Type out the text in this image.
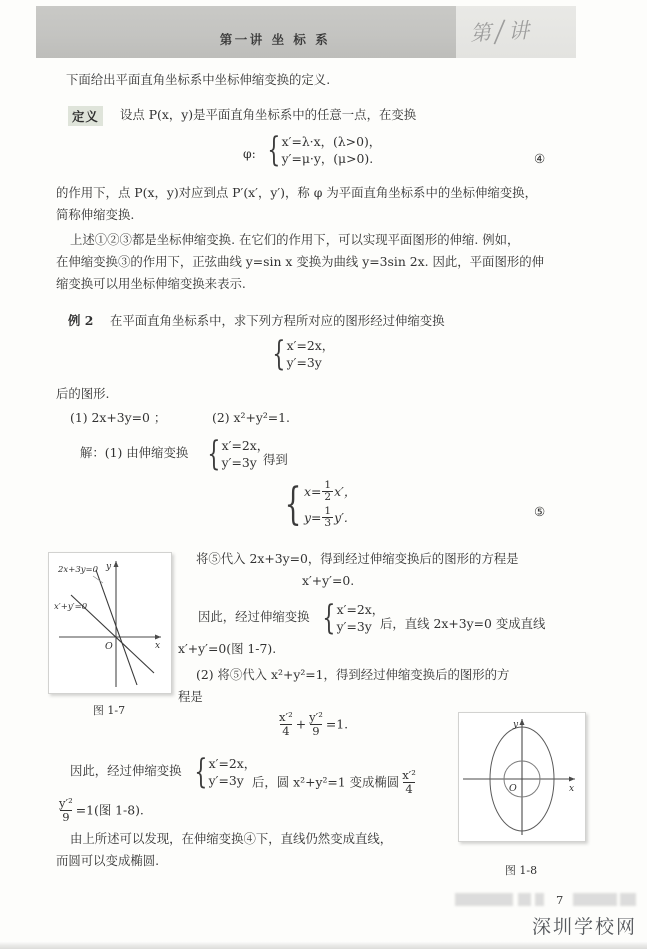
第一讲 坐 标 系	第/讲
下面给出平面直角坐标系中坐标伸缩变换的定义.
定义	设点 P(x，y)是平面直角坐标系中的任意一点，在变换
φ: { x′=λ·x，(λ>0)，
y′=μ·y，(μ>0).	④
的作用下，点 P(x，y)对应到点 P′(x′，y′)，称 φ 为平面直角坐标系中的坐标伸缩变换，
简称伸缩变换.
上述①②③都是坐标伸缩变换. 在它们的作用下，可以实现平面图形的伸缩. 例如，
在伸缩变换③的作用下，正弦曲线 y=sin x 变换为曲线 y=3sin 2x. 因此，平面图形的伸
缩变换可以用坐标伸缩变换来表示.
例 2 在平面直角坐标系中，求下列方程所对应的图形经过伸缩变换
{ x′=2x，
y′=3y
后的图形.
(1) 2x+3y=0 ；	(2) x²+y²=1.
解：(1) 由伸缩变换 { x′=2x，
y′=3y 得到
{ $x= \frac{1}{2} x'$，
$y= \frac{1}{3} y'$.	⑤
2x+3y=0
x′+y′=0
x
y
O
图 1-7
将⑤代入 2x+3y=0，得到经过伸缩变换后的图形的方程是
x′+y′=0.
因此，经过伸缩变换 { x′=2x，
y′=3y 后，直线 2x+3y=0 变成直线
x′+y′=0(图 1-7).
(2) 将⑤代入 x²+y²=1，得到经过伸缩变换后的图形的方
程是
$\frac{\text{x′²}}{4} + \frac{\text{y′²}}{9} =1$.
x
y
O
图 1-8
因此，经过伸缩变换 { x′=2x，
y′=3y 后，圆 x²+y²=1 变成椭圆 $\frac{\text{x′²}}{4}$
$\frac{\text{y′²}}{9} =1$(图 1-8).
由上所述可以发现，在伸缩变换④下，直线仍然变成直线，
而圆可以变成椭圆.
7
深圳学校网
